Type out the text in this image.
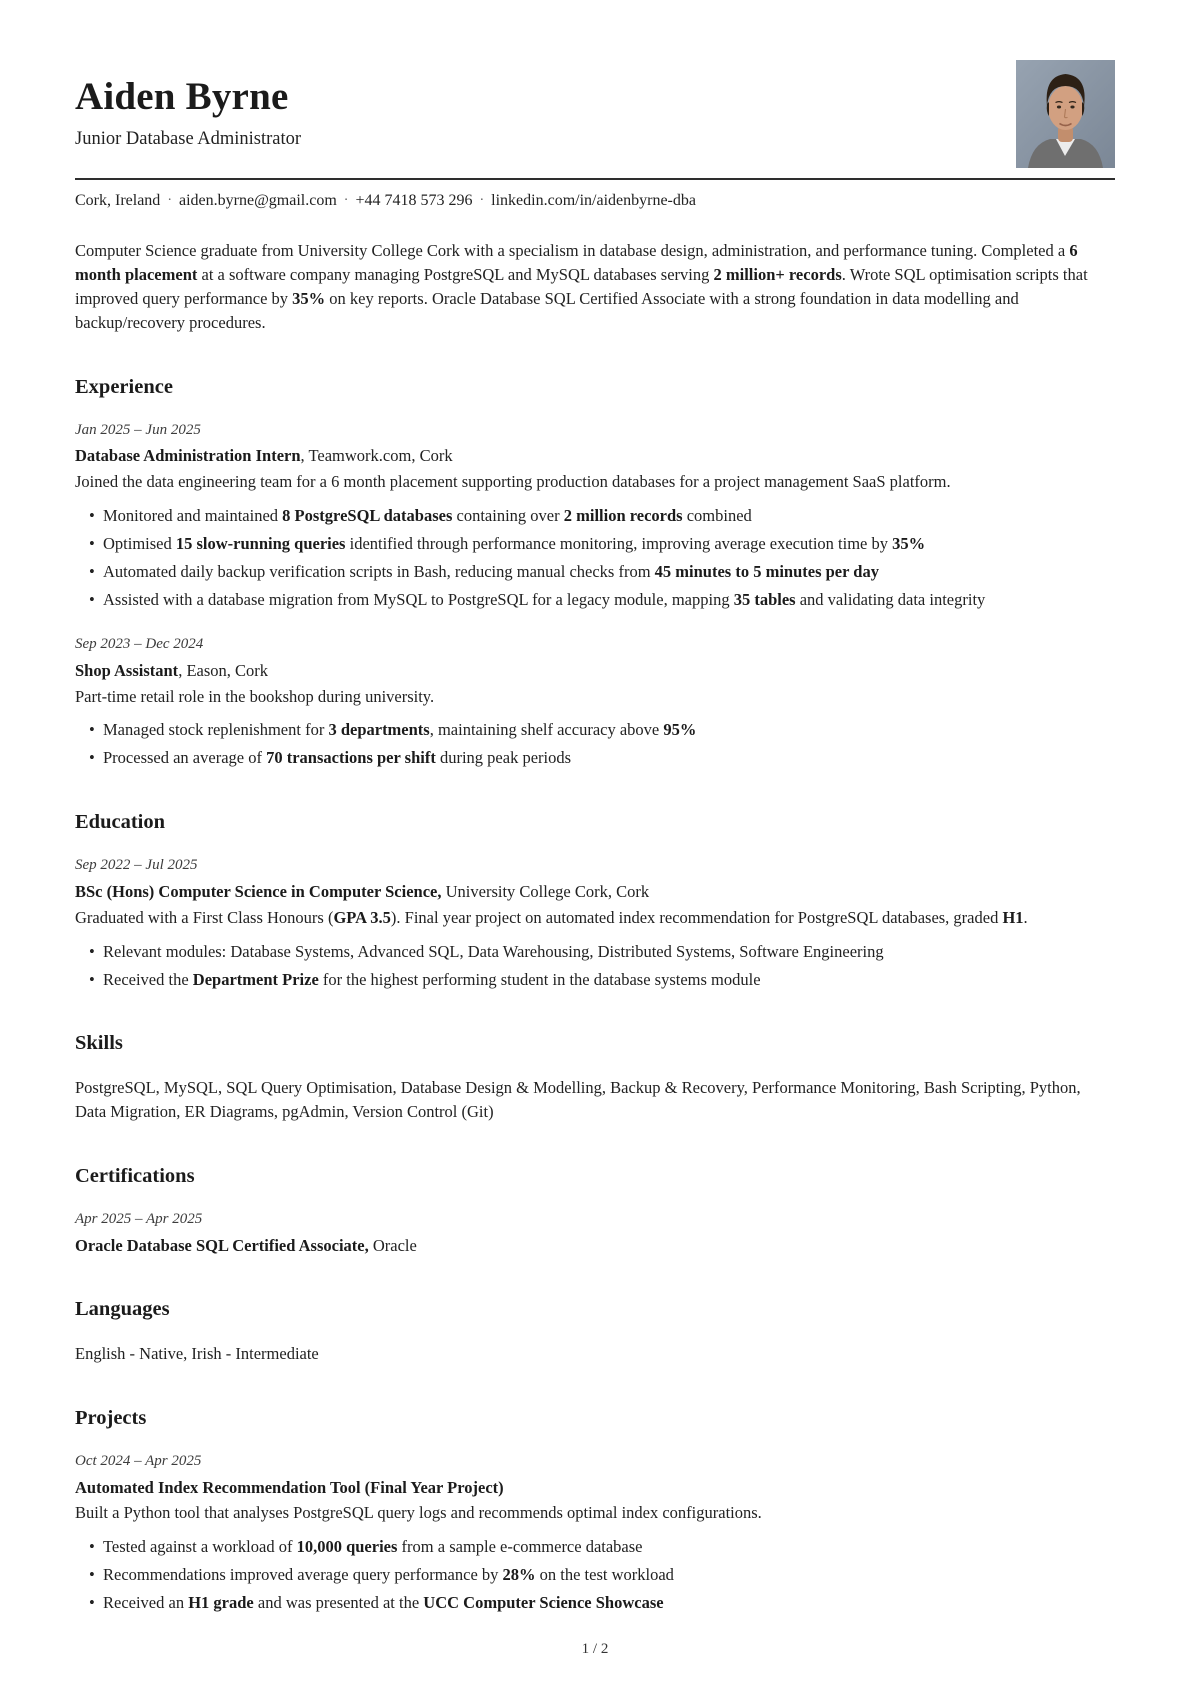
Aiden Byrne
Junior Database Administrator
Cork, Ireland · aiden.byrne@gmail.com · +44 7418 573 296 · linkedin.com/in/aidenbyrne-dba

Computer Science graduate from University College Cork with a specialism in database design, administration, and performance tuning. Completed a 6 month placement at a software company managing PostgreSQL and MySQL databases serving 2 million+ records. Wrote SQL optimisation scripts that improved query performance by 35% on key reports. Oracle Database SQL Certified Associate with a strong foundation in data modelling and backup/recovery procedures.

Experience
Jan 2025 – Jun 2025
Database Administration Intern, Teamwork.com, Cork
Joined the data engineering team for a 6 month placement supporting production databases for a project management SaaS platform.
• Monitored and maintained 8 PostgreSQL databases containing over 2 million records combined
• Optimised 15 slow-running queries identified through performance monitoring, improving average execution time by 35%
• Automated daily backup verification scripts in Bash, reducing manual checks from 45 minutes to 5 minutes per day
• Assisted with a database migration from MySQL to PostgreSQL for a legacy module, mapping 35 tables and validating data integrity
Sep 2023 – Dec 2024
Shop Assistant, Eason, Cork
Part-time retail role in the bookshop during university.
• Managed stock replenishment for 3 departments, maintaining shelf accuracy above 95%
• Processed an average of 70 transactions per shift during peak periods
Education
Sep 2022 – Jul 2025
BSc (Hons) Computer Science in Computer Science, University College Cork, Cork
Graduated with a First Class Honours (GPA 3.5). Final year project on automated index recommendation for PostgreSQL databases, graded H1.
• Relevant modules: Database Systems, Advanced SQL, Data Warehousing, Distributed Systems, Software Engineering
• Received the Department Prize for the highest performing student in the database systems module
Skills
PostgreSQL, MySQL, SQL Query Optimisation, Database Design & Modelling, Backup & Recovery, Performance Monitoring, Bash Scripting, Python, Data Migration, ER Diagrams, pgAdmin, Version Control (Git)
Certifications
Apr 2025 – Apr 2025
Oracle Database SQL Certified Associate, Oracle
Languages
English - Native, Irish - Intermediate
Projects
Oct 2024 – Apr 2025
Automated Index Recommendation Tool (Final Year Project)
Built a Python tool that analyses PostgreSQL query logs and recommends optimal index configurations.
• Tested against a workload of 10,000 queries from a sample e-commerce database
• Recommendations improved average query performance by 28% on the test workload
• Received an H1 grade and was presented at the UCC Computer Science Showcase
1 / 2
